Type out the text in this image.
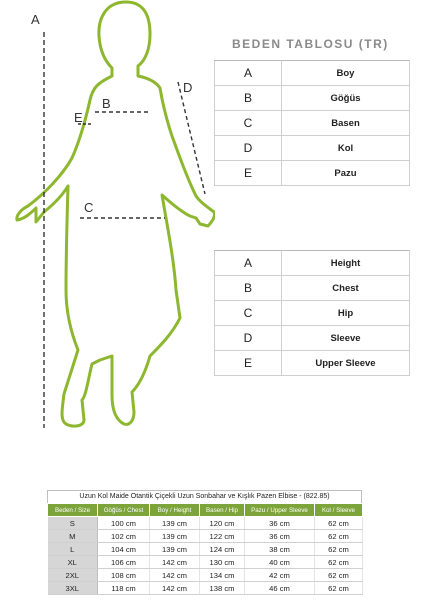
A
B
C
D
E
BEDEN TABLOSU (TR)
A	Boy
B	Göğüs
C	Basen
D	Kol
E	Pazu
A	Height
B	Chest
C	Hip
D	Sleeve
E	Upper Sleeve
Uzun Kol Maide Otantik Çiçekli Uzun Sonbahar ve Kışlık Pazen Elbise - (822.85)
Beden / Size	Göğüs / Chest	Boy / Height	Basen / Hip	Pazu / Upper Sleeve	Kol / Sleeve
S	100 cm	139 cm	120 cm	36 cm	62 cm
M	102 cm	139 cm	122 cm	36 cm	62 cm
L	104 cm	139 cm	124 cm	38 cm	62 cm
XL	106 cm	142 cm	130 cm	40 cm	62 cm
2XL	108 cm	142 cm	134 cm	42 cm	62 cm
3XL	118 cm	142 cm	138 cm	46 cm	62 cm
